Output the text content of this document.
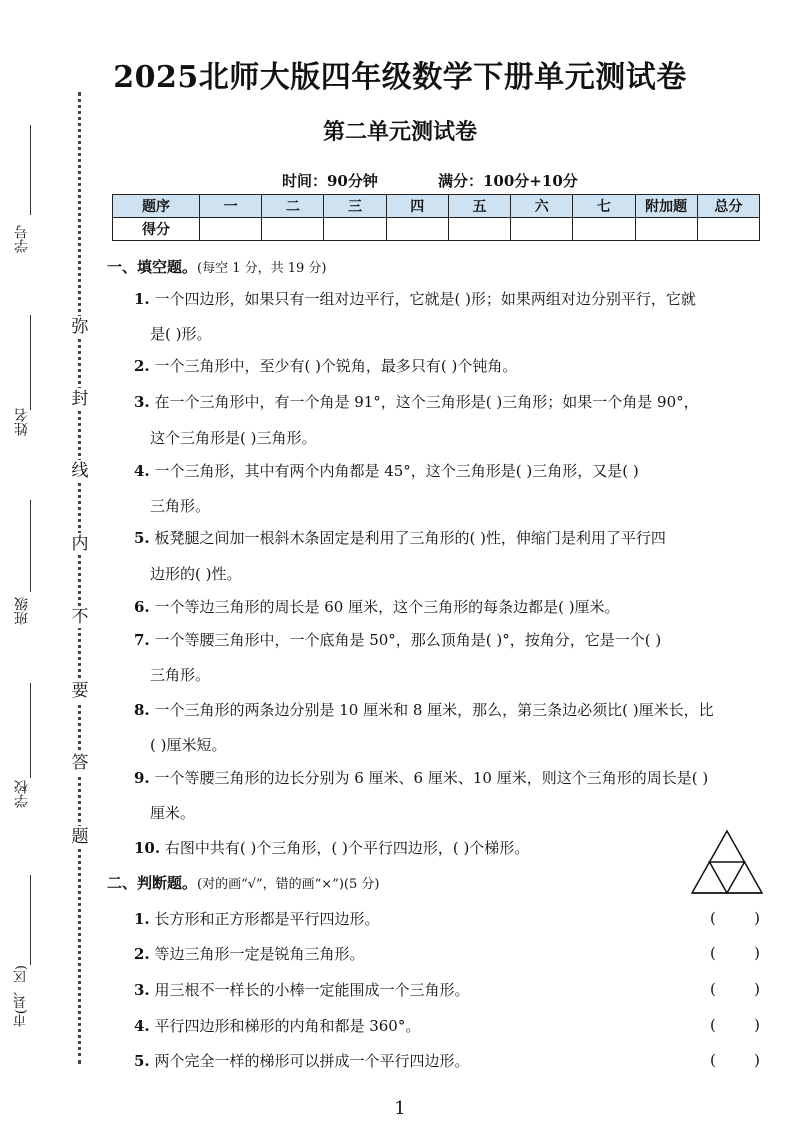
弥
封
线
内
不
要
答
题
学号
姓名
班级
学校
市(县、区)
2025北师大版四年级数学下册单元测试卷
第二单元测试卷
时间：90分钟	满分：100分+10分
题序	一	二	三	四	五	六	七	附加题	总分
得分									
一、填空题。(每空 1 分，共 19 分)
1. 一个四边形，如果只有一组对边平行，它就是( )形；如果两组对边分别平行，它就
是( )形。
2. 一个三角形中，至少有( )个锐角，最多只有( )个钝角。
3. 在一个三角形中，有一个角是 91°，这个三角形是( )三角形；如果一个角是 90°，
这个三角形是( )三角形。
4. 一个三角形，其中有两个内角都是 45°，这个三角形是( )三角形，又是( )
三角形。
5. 板凳腿之间加一根斜木条固定是利用了三角形的( )性，伸缩门是利用了平行四
边形的( )性。
6. 一个等边三角形的周长是 60 厘米，这个三角形的每条边都是( )厘米。
7. 一个等腰三角形中，一个底角是 50°，那么顶角是( )°，按角分，它是一个( )
三角形。
8. 一个三角形的两条边分别是 10 厘米和 8 厘米，那么，第三条边必须比( )厘米长，比
( )厘米短。
9. 一个等腰三角形的边长分别为 6 厘米、6 厘米、10 厘米，则这个三角形的周长是( )
厘米。
10. 右图中共有( )个三角形，( )个平行四边形，( )个梯形。
二、判断题。(对的画“√”，错的画“×”)(5 分)
1. 长方形和正方形都是平行四边形。	(	)
2. 等边三角形一定是锐角三角形。	(	)
3. 用三根不一样长的小棒一定能围成一个三角形。	(	)
4. 平行四边形和梯形的内角和都是 360°。	(	)
5. 两个完全一样的梯形可以拼成一个平行四边形。	(	)
1
